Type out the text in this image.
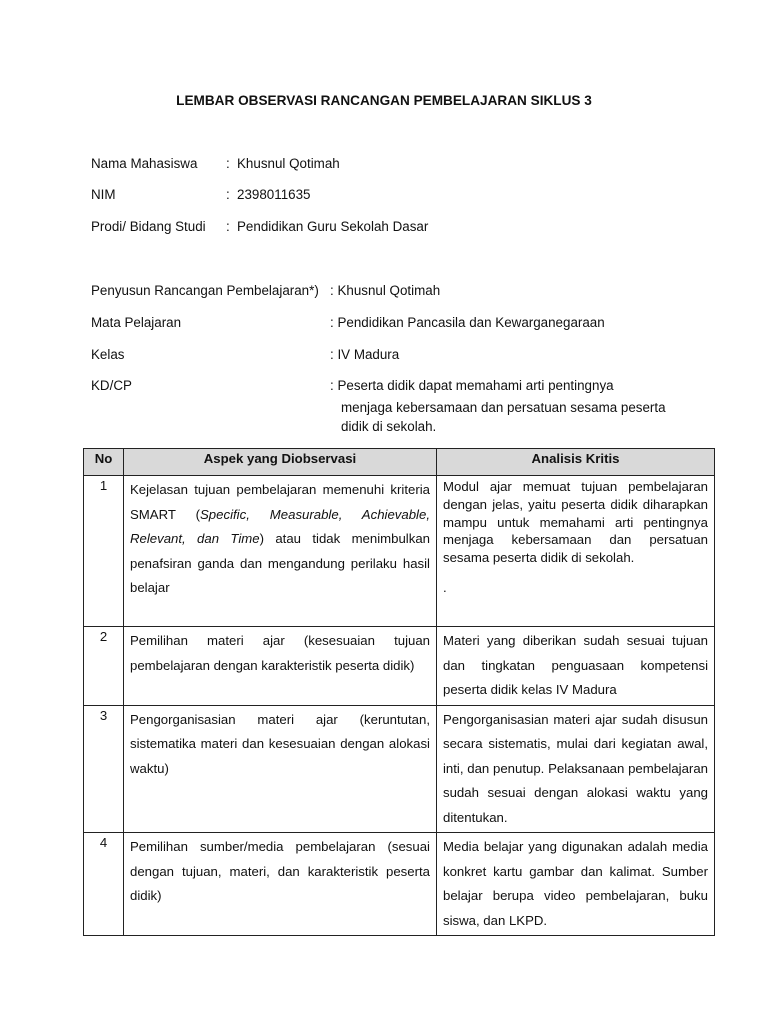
LEMBAR OBSERVASI RANCANGAN PEMBELAJARAN SIKLUS 3
Nama Mahasiswa : Khusnul Qotimah
NIM	: 2398011635
Prodi/ Bidang Studi : Pendidikan Guru Sekolah Dasar
Penyusun Rancangan Pembelajaran*) : Khusnul Qotimah
Mata Pelajaran	: Pendidikan Pancasila dan Kewarganegaraan
Kelas	: IV Madura
KD/CP	: Peserta didik dapat memahami arti pentingnya
menjaga kebersamaan dan persatuan sesama peserta
didik di sekolah.
No	Aspek yang Diobservasi	Analisis Kritis
1	Kejelasan tujuan pembelajaran memenuhi kriteria SMART (Specific, Measurable, Achievable, Relevant, dan Time) atau tidak menimbulkan penafsiran ganda dan mengandung perilaku hasil belajar	Modul ajar memuat tujuan pembelajaran dengan jelas, yaitu peserta didik diharapkan mampu untuk memahami arti pentingnya menjaga kebersamaan dan persatuan sesama peserta didik di sekolah.
.

2	Pemilihan materi ajar (kesesuaian tujuan pembelajaran dengan karakteristik peserta didik)	Materi yang diberikan sudah sesuai tujuan dan tingkatan penguasaan kompetensi peserta didik kelas IV Madura
3	Pengorganisasian materi ajar (keruntutan, sistematika materi dan kesesuaian dengan alokasi waktu)	Pengorganisasian materi ajar sudah disusun secara sistematis, mulai dari kegiatan awal, inti, dan penutup. Pelaksanaan pembelajaran sudah sesuai dengan alokasi waktu yang ditentukan.
4	Pemilihan sumber/media pembelajaran (sesuai dengan tujuan, materi, dan karakteristik peserta didik)	Media belajar yang digunakan adalah media konkret kartu gambar dan kalimat. Sumber belajar berupa video pembelajaran, buku siswa, dan LKPD.
